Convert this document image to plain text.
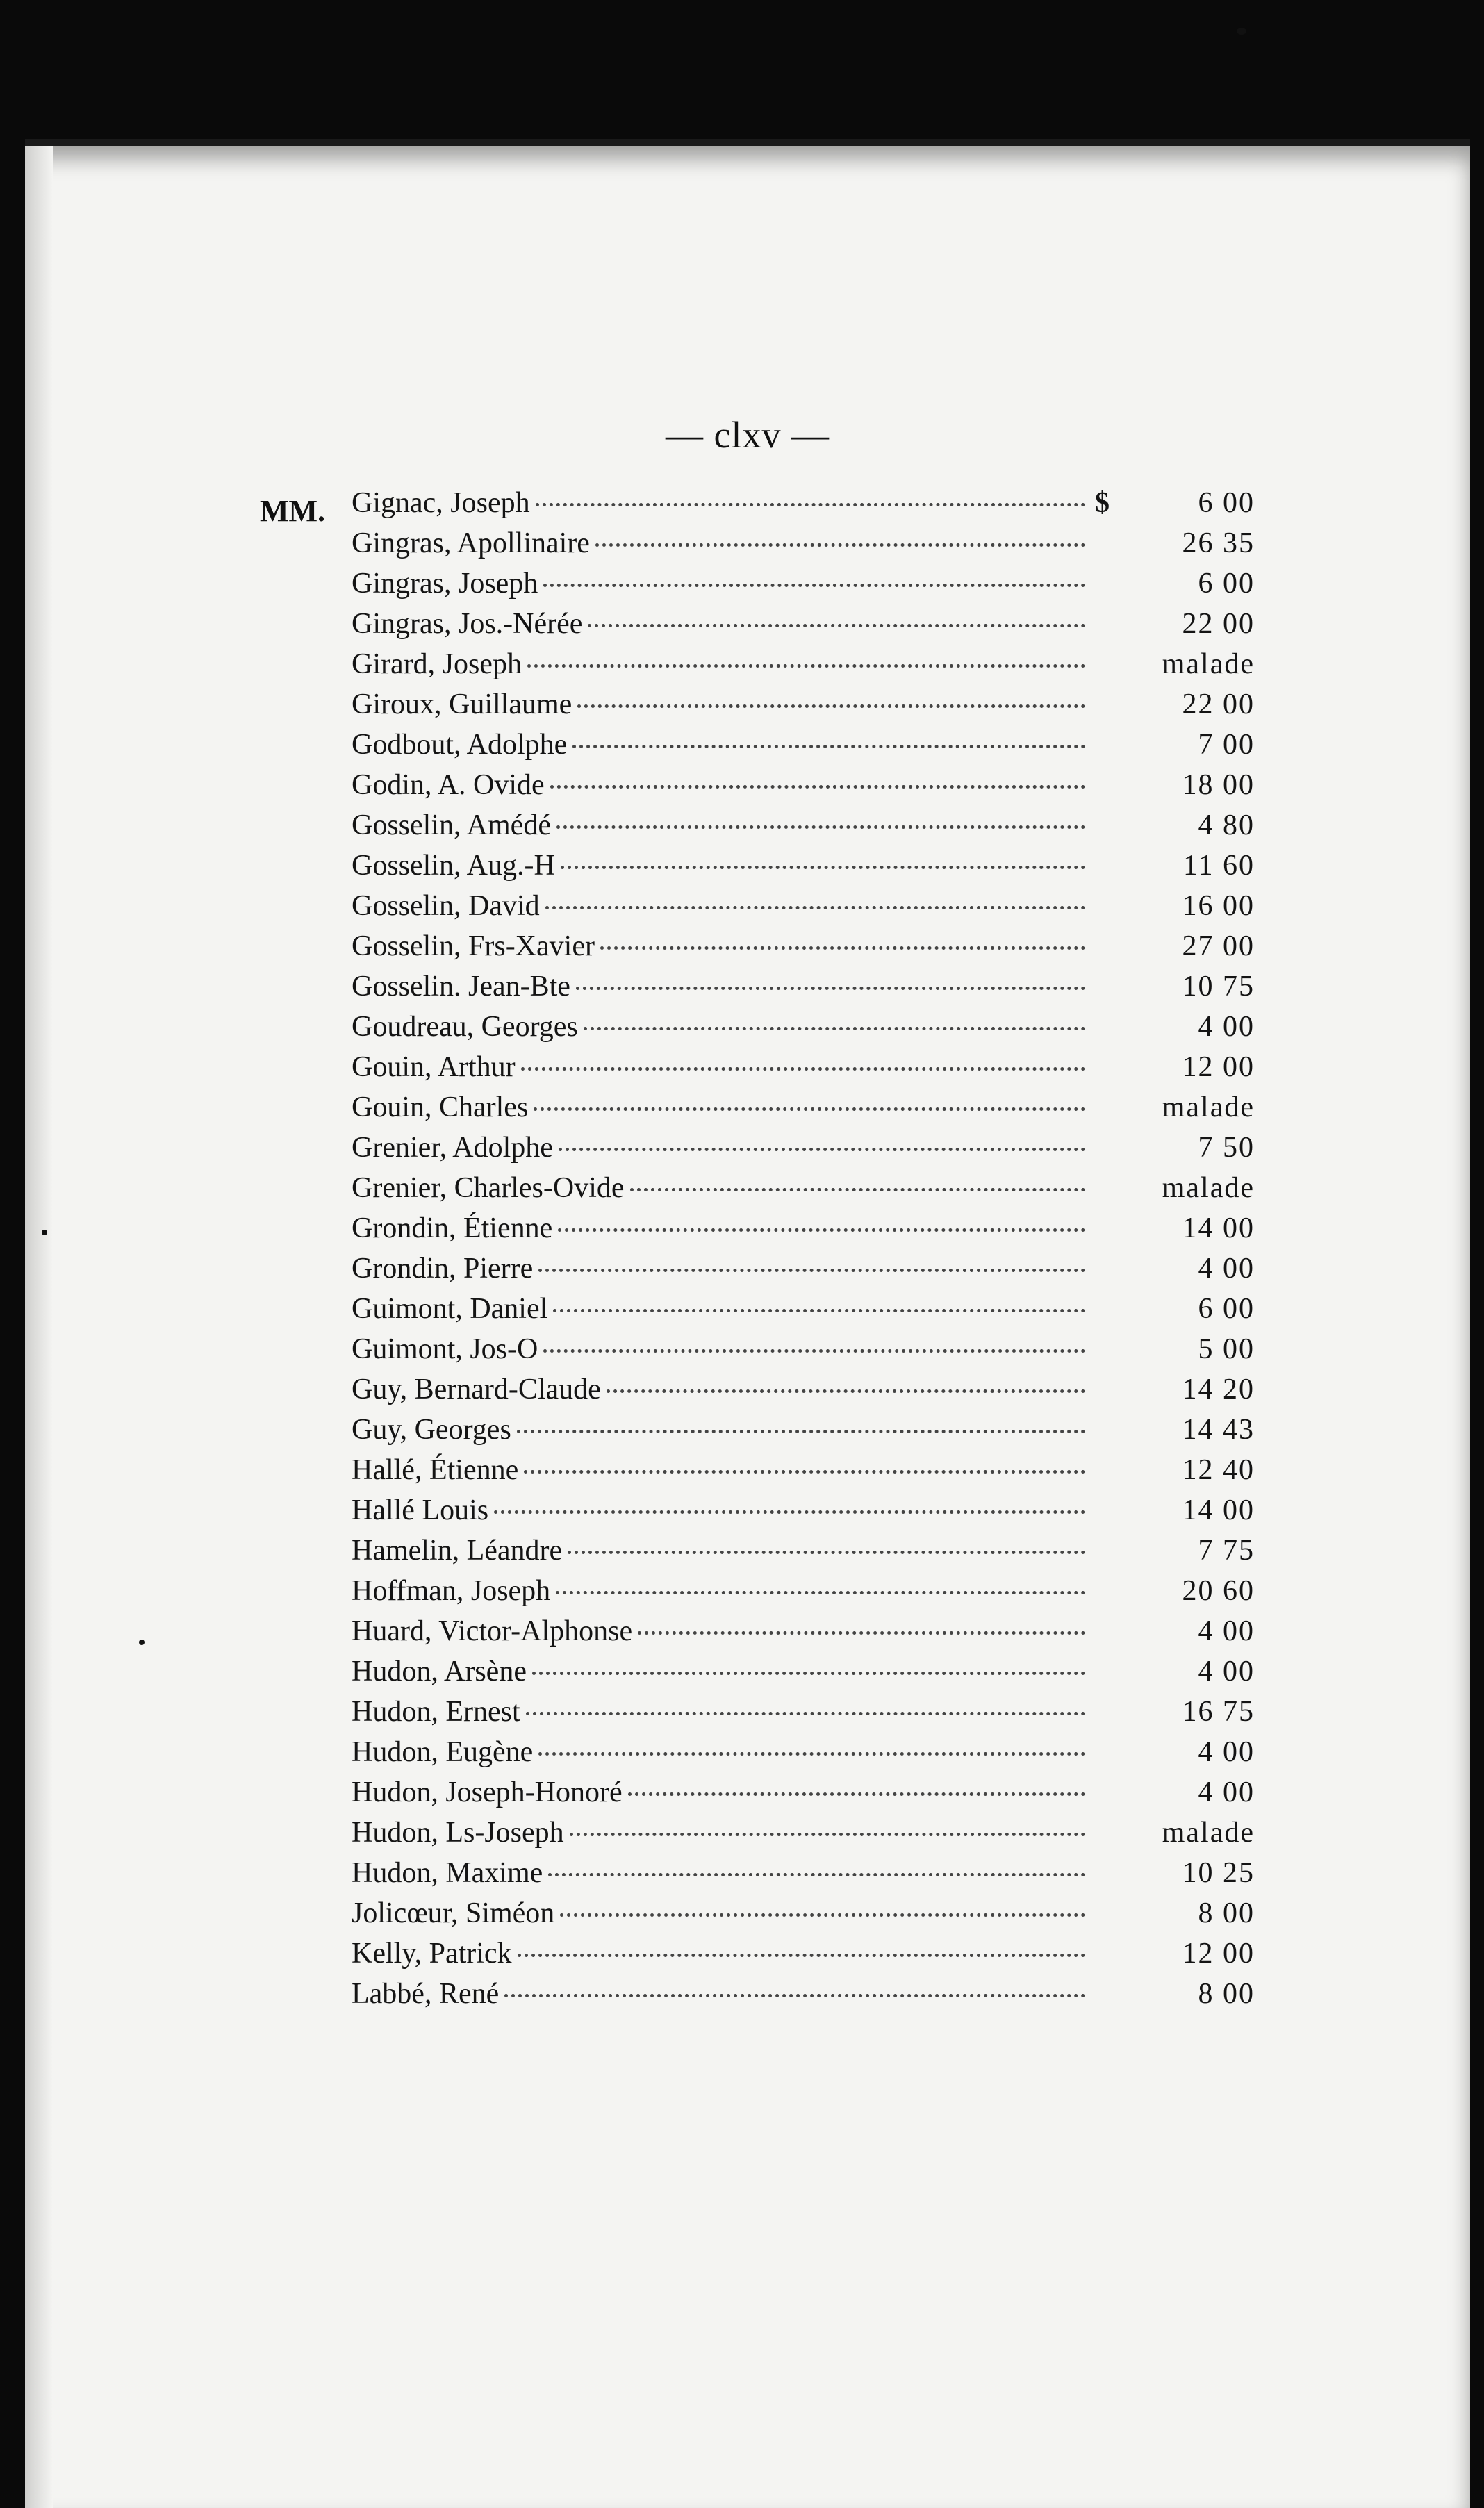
— clxv —
MM. Gignac, Joseph	$	6 00
Gingras, Apollinaire	26 35
Gingras, Joseph	6 00
Gingras, Jos.-Nérée	22 00
Girard, Joseph	malade
Giroux, Guillaume	22 00
Godbout, Adolphe	7 00
Godin, A. Ovide	18 00
Gosselin, Amédé	4 80
Gosselin, Aug.-H	11 60
Gosselin, David	16 00
Gosselin, Frs-Xavier	27 00
Gosselin. Jean-Bte	10 75
Goudreau, Georges	4 00
Gouin, Arthur	12 00
Gouin, Charles	malade
Grenier, Adolphe	7 50
Grenier, Charles-Ovide	malade
Grondin, Étienne	14 00
Grondin, Pierre	4 00
Guimont, Daniel	6 00
Guimont, Jos-O	5 00
Guy, Bernard-Claude	14 20
Guy, Georges	14 43
Hallé, Étienne	12 40
Hallé Louis	14 00
Hamelin, Léandre	7 75
Hoffman, Joseph	20 60
Huard, Victor-Alphonse	4 00
Hudon, Arsène	4 00
Hudon, Ernest	16 75
Hudon, Eugène	4 00
Hudon, Joseph-Honoré	4 00
Hudon, Ls-Joseph	malade
Hudon, Maxime	10 25
Jolicœur, Siméon	8 00
Kelly, Patrick	12 00
Labbé, René	8 00
